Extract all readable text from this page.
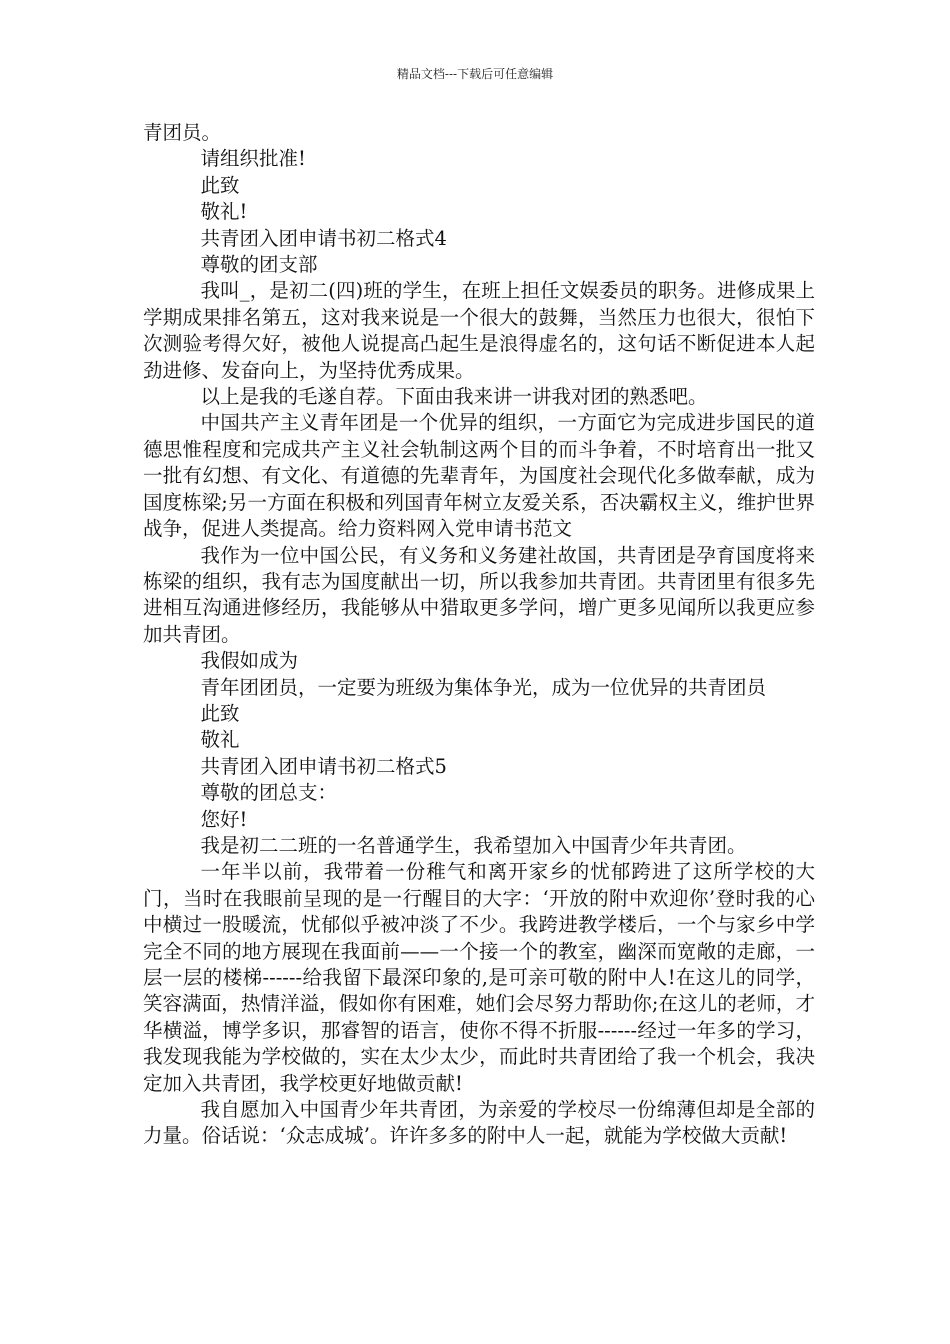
精品文档---下载后可任意编辑

青团员。

请组织批准!

此致

敬礼!

共青团入团申请书初二格式4

尊敬的团支部

我叫_，是初二(四)班的学生，在班上担任文娱委员的职务。进修成果上学期成果排名第五，这对我来说是一个很大的鼓舞，当然压力也很大，很怕下次测验考得欠好，被他人说提高凸起生是浪得虚名的，这句话不断促进本人起劲进修、发奋向上，为坚持优秀成果。

以上是我的毛遂自荐。下面由我来讲一讲我对团的熟悉吧。

中国共产主义青年团是一个优异的组织，一方面它为完成进步国民的道德思惟程度和完成共产主义社会轨制这两个目的而斗争着，不时培育出一批又一批有幻想、有文化、有道德的先辈青年，为国度社会现代化多做奉献，成为国度栋梁;另一方面在积极和列国青年树立友爱关系，否决霸权主义，维护世界战争，促进人类提高。给力资料网入党申请书范文

我作为一位中国公民，有义务和义务建社故国，共青团是孕育国度将来栋梁的组织，我有志为国度献出一切，所以我参加共青团。共青团里有很多先进相互沟通进修经历，我能够从中猎取更多学问，增广更多见闻所以我更应参加共青团。

我假如成为

青年团团员，一定要为班级为集体争光，成为一位优异的共青团员

此致

敬礼

共青团入团申请书初二格式5

尊敬的团总支：

您好!

我是初二二班的一名普通学生，我希望加入中国青少年共青团。

一年半以前，我带着一份稚气和离开家乡的忧郁跨进了这所学校的大门，当时在我眼前呈现的是一行醒目的大字：‘开放的附中欢迎你’登时我的心中横过一股暖流，忧郁似乎被冲淡了不少。我跨进教学楼后，一个与家乡中学完全不同的地方展现在我面前——一个接一个的教室，幽深而宽敞的走廊，一层一层的楼梯------给我留下最深印象的,是可亲可敬的附中人!在这儿的同学，笑容满面，热情洋溢，假如你有困难，她们会尽努力帮助你;在这儿的老师，才华横溢，博学多识，那睿智的语言，使你不得不折服------经过一年多的学习，我发现我能为学校做的，实在太少太少，而此时共青团给了我一个机会，我决定加入共青团，我学校更好地做贡献!

我自愿加入中国青少年共青团，为亲爱的学校尽一份绵薄但却是全部的力量。俗话说：‘众志成城’。许许多多的附中人一起，就能为学校做大贡献!
